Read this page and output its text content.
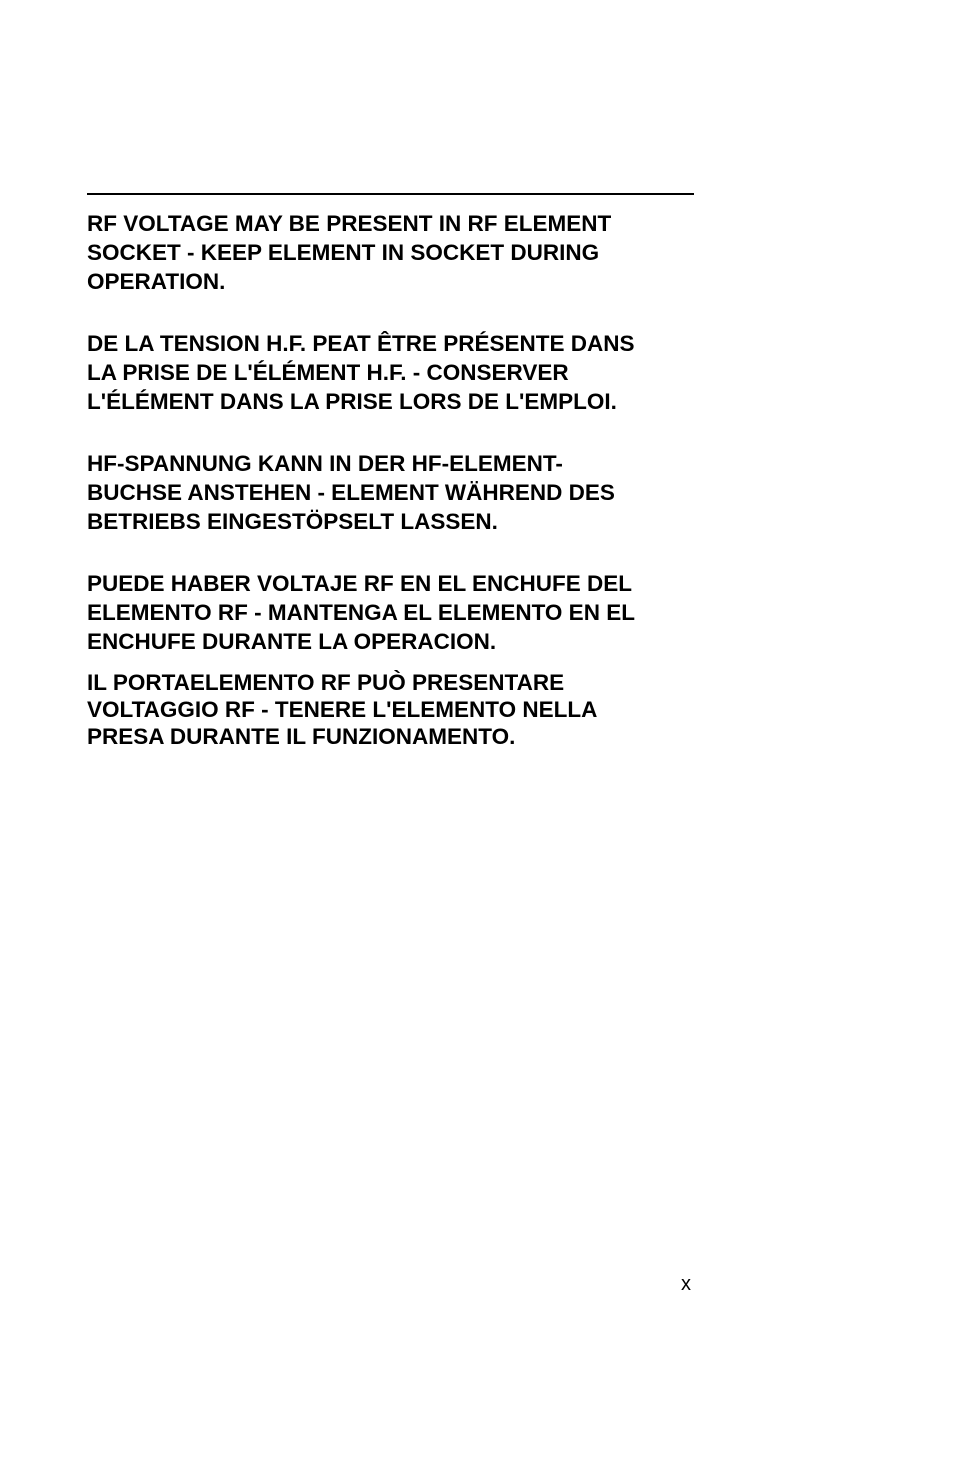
RF VOLTAGE MAY BE PRESENT IN RF ELEMENT
SOCKET - KEEP ELEMENT IN SOCKET DURING
OPERATION.

DE LA TENSION H.F. PEAT ÊTRE PRÉSENTE DANS
LA PRISE DE L'ÉLÉMENT H.F. - CONSERVER
L'ÉLÉMENT DANS LA PRISE LORS DE L'EMPLOI.

HF-SPANNUNG KANN IN DER HF-ELEMENT-
BUCHSE ANSTEHEN - ELEMENT WÄHREND DES
BETRIEBS EINGESTÖPSELT LASSEN.

PUEDE HABER VOLTAJE RF EN EL ENCHUFE DEL
ELEMENTO RF - MANTENGA EL ELEMENTO EN EL
ENCHUFE DURANTE LA OPERACION.

IL PORTAELEMENTO RF PUÒ PRESENTARE
VOLTAGGIO RF - TENERE L'ELEMENTO NELLA
PRESA DURANTE IL FUNZIONAMENTO.

x
